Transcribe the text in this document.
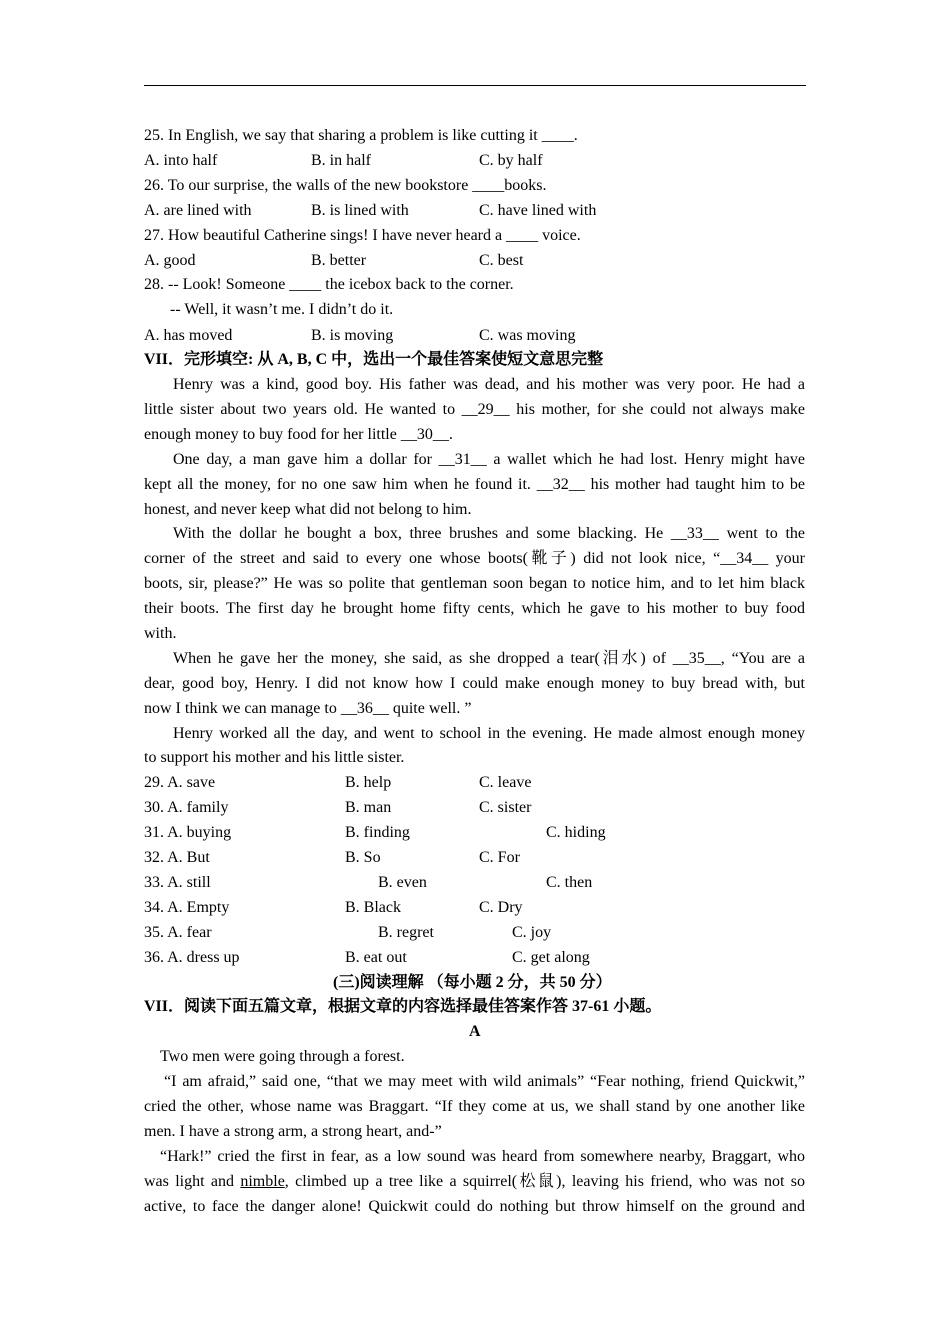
25. In English, we say that sharing a problem is like cutting it ____.
A. into half	B. in half	C. by half
26. To our surprise, the walls of the new bookstore ____books.
A. are lined with	B. is lined with	C. have lined with
27. How beautiful Catherine sings! I have never heard a ____ voice.
A. good	B. better	C. best
28. -- Look! Someone ____ the icebox back to the corner.
-- Well, it wasn’t me. I didn’t do it.
A. has moved	B. is moving	C. was moving
VII．完形填空: 从 A, B, C 中，选出一个最佳答案使短文意思完整
Henry was a kind, good boy. His father was dead, and his mother was very poor. He had a
little sister about two years old. He wanted to __29__ his mother, for she could not always make
enough money to buy food for her little __30__.
One day, a man gave him a dollar for __31__ a wallet which he had lost. Henry might have
kept all the money, for no one saw him when he found it. __32__ his mother had taught him to be
honest, and never keep what did not belong to him.
With the dollar he bought a box, three brushes and some blacking. He __33__ went to the
corner of the street and said to every one whose boots(靴子) did not look nice, “__34__ your
boots, sir, please?” He was so polite that gentleman soon began to notice him, and to let him black
their boots. The first day he brought home fifty cents, which he gave to his mother to buy food
with.
When he gave her the money, she said, as she dropped a tear(泪水) of __35__, “You are a
dear, good boy, Henry. I did not know how I could make enough money to buy bread with, but
now I think we can manage to __36__ quite well. ”
Henry worked all the day, and went to school in the evening. He made almost enough money
to support his mother and his little sister.
29. A. save	B. help	C. leave
30. A. family	B. man	C. sister
31. A. buying	B. finding	C. hiding
32. A. But	B. So	C. For
33. A. still	B. even	C. then
34. A. Empty	B. Black	C. Dry
35. A. fear	B. regret	C. joy
36. A. dress up	B. eat out	C. get along
(三)阅读理解 （每小题 2 分，共 50 分）
VII．阅读下面五篇文章，根据文章的内容选择最佳答案作答 37-61 小题。
A
Two men were going through a forest.
“I am afraid,” said one, “that we may meet with wild animals” “Fear nothing, friend Quickwit,”
cried the other, whose name was Braggart. “If they come at us, we shall stand by one another like
men. I have a strong arm, a strong heart, and-”
“Hark!” cried the first in fear, as a low sound was heard from somewhere nearby, Braggart, who
was light and nimble, climbed up a tree like a squirrel(松鼠), leaving his friend, who was not so
active, to face the danger alone! Quickwit could do nothing but throw himself on the ground and
